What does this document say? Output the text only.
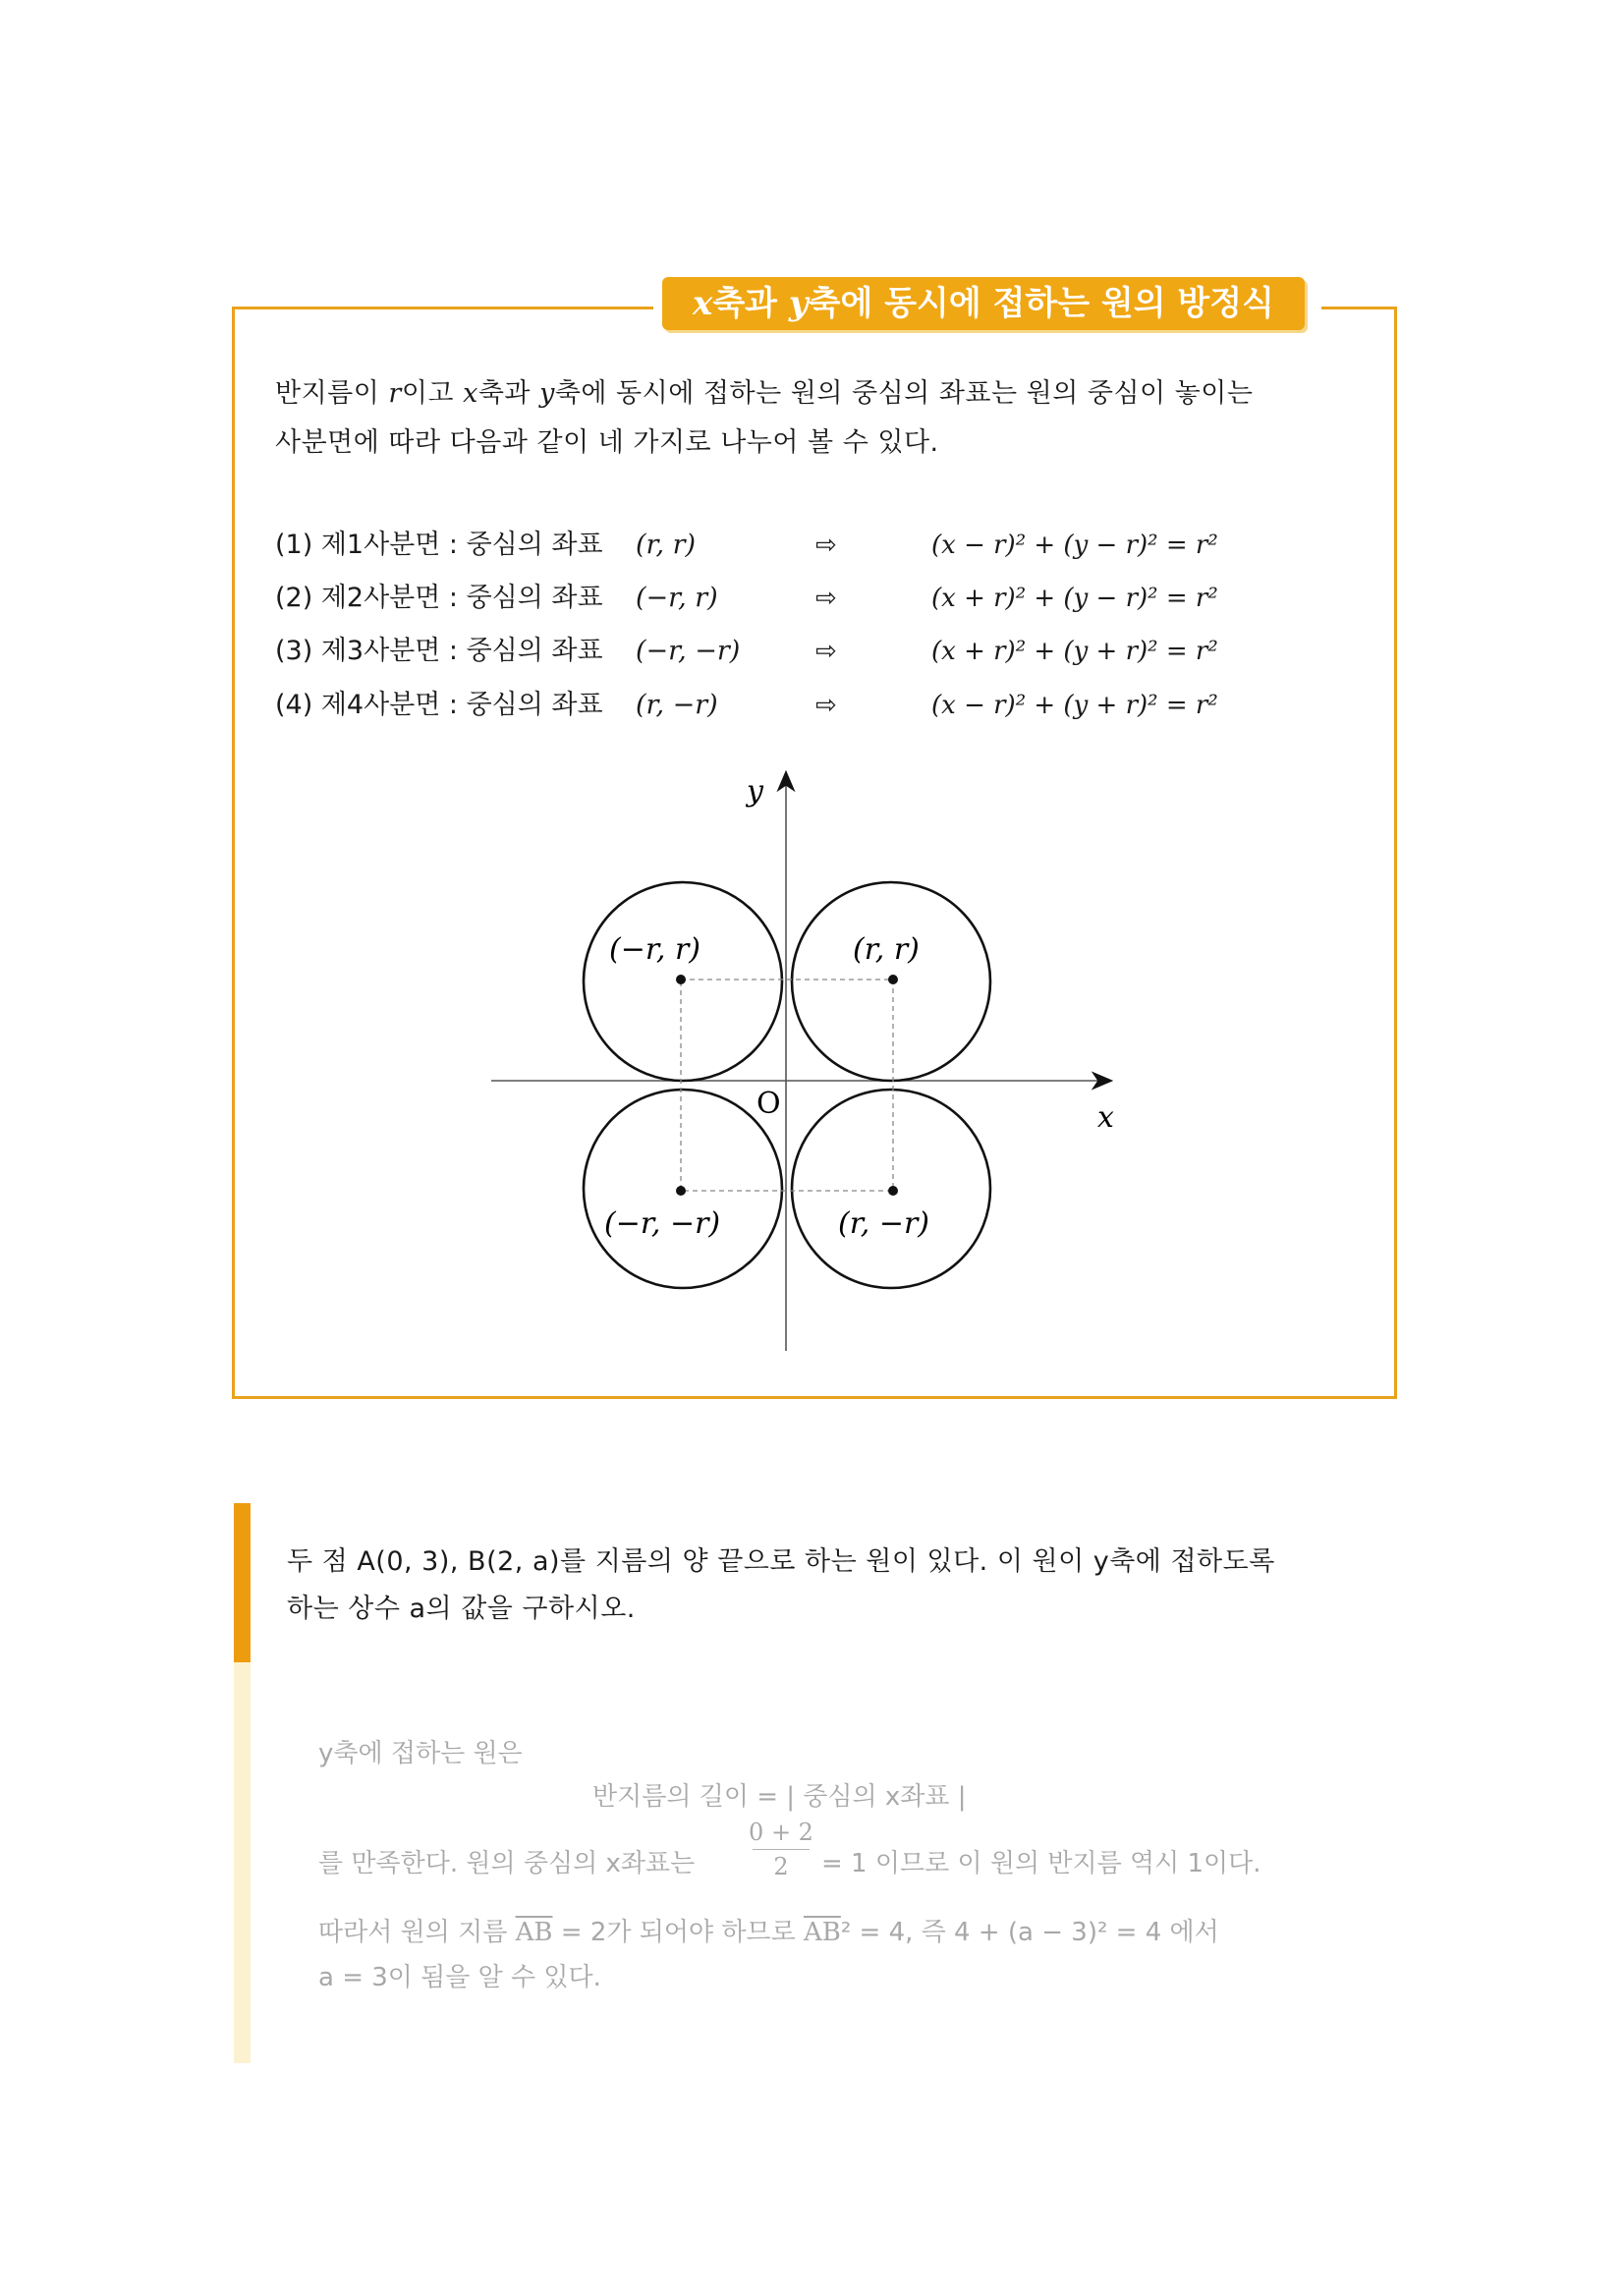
x축과 y축에 동시에 접하는 원의 방정식
반지름이 r이고 x축과 y축에 동시에 접하는 원의 중심의 좌표는 원의 중심이 놓이는
사분면에 따라 다음과 같이 네 가지로 나누어 볼 수 있다.
(1) 제1사분면 : 중심의 좌표 (r, r)	⇨	(x − r)² + (y − r)² = r²
(2) 제2사분면 : 중심의 좌표 (−r, r)	⇨	(x + r)² + (y − r)² = r²
(3) 제3사분면 : 중심의 좌표 (−r, −r)	⇨	(x + r)² + (y + r)² = r²
(4) 제4사분면 : 중심의 좌표 (r, −r)	⇨	(x − r)² + (y + r)² = r²
y
x
O
(−r, r)	(r, r)
(−r, −r)	(r, −r)
두 점 A(0, 3), B(2, a)를 지름의 양 끝으로 하는 원이 있다. 이 원이 y축에 접하도록
하는 상수 a의 값을 구하시오.
y축에 접하는 원은
반지름의 길이 = | 중심의 x좌표 |
를 만족한다. 원의 중심의 x좌표는
0 + 2
2	= 1 이므로 이 원의 반지름 역시 1이다.
따라서 원의 지름 $\overline{AB} = 2$가 되어야 하므로 $\overline{AB}^2 = 4$, 즉 4 + (a − 3)² = 4 에서
a = 3이 됨을 알 수 있다.
